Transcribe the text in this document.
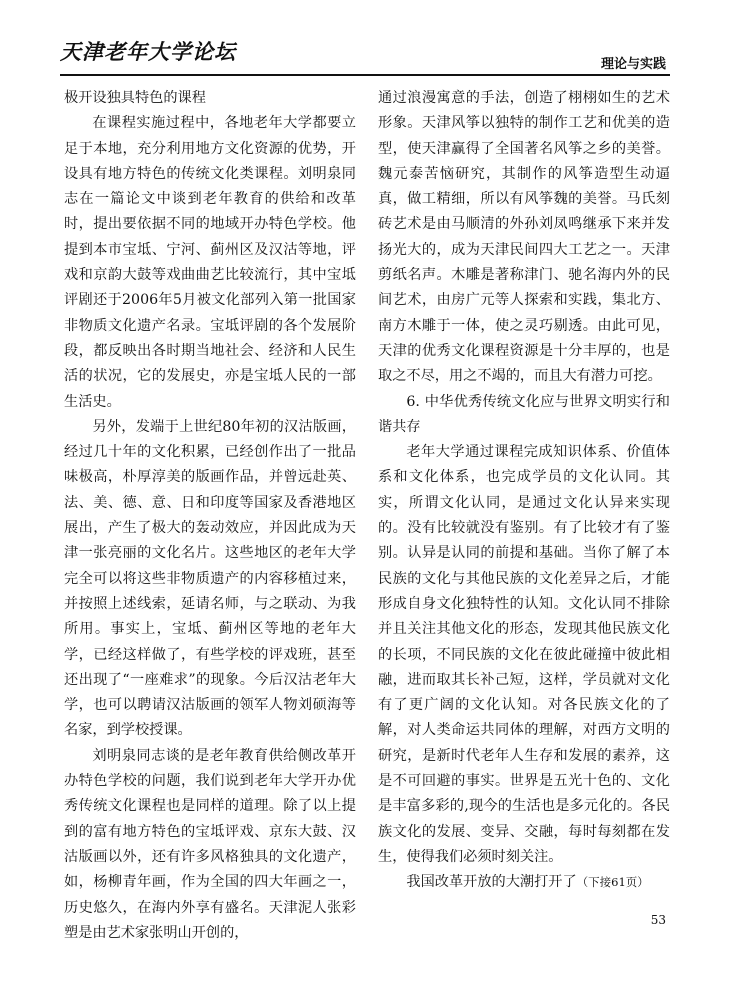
天津老年大学论坛
理论与实践

极开设独具特色的课程

在课程实施过程中，各地老年大学都要立足于本地，充分利用地方文化资源的优势，开设具有地方特色的传统文化类课程。刘明泉同志在一篇论文中谈到老年教育的供给和改革时，提出要依据不同的地域开办特色学校。他提到本市宝坻、宁河、蓟州区及汉沽等地，评戏和京韵大鼓等戏曲曲艺比较流行，其中宝坻评剧还于2006年5月被文化部列入第一批国家非物质文化遗产名录。宝坻评剧的各个发展阶段，都反映出各时期当地社会、经济和人民生活的状况，它的发展史，亦是宝坻人民的一部生活史。

另外，发端于上世纪80年初的汉沽版画，经过几十年的文化积累，已经创作出了一批品味极高，朴厚淳美的版画作品，并曾远赴英、法、美、德、意、日和印度等国家及香港地区展出，产生了极大的轰动效应，并因此成为天津一张亮丽的文化名片。这些地区的老年大学完全可以将这些非物质遗产的内容移植过来，并按照上述线索，延请名师，与之联动、为我所用。事实上，宝坻、蓟州区等地的老年大学，已经这样做了，有些学校的评戏班，甚至还出现了“一座难求”的现象。今后汉沽老年大学，也可以聘请汉沽版画的领军人物刘硕海等名家，到学校授课。

刘明泉同志谈的是老年教育供给侧改革开办特色学校的问题，我们说到老年大学开办优秀传统文化课程也是同样的道理。除了以上提到的富有地方特色的宝坻评戏、京东大鼓、汉沽版画以外，还有许多风格独具的文化遗产，如，杨柳青年画，作为全国的四大年画之一，历史悠久，在海内外享有盛名。天津泥人张彩塑是由艺术家张明山开创的，

通过浪漫寓意的手法，创造了栩栩如生的艺术形象。天津风筝以独特的制作工艺和优美的造型，使天津赢得了全国著名风筝之乡的美誉。魏元泰苦恼研究，其制作的风筝造型生动逼真，做工精细，所以有风筝魏的美誉。马氏刻砖艺术是由马顺清的外孙刘凤鸣继承下来并发扬光大的，成为天津民间四大工艺之一。天津剪纸名声。木雕是著称津门、驰名海内外的民间艺术，由房广元等人探索和实践，集北方、南方木雕于一体，使之灵巧剔透。由此可见，天津的优秀文化课程资源是十分丰厚的，也是取之不尽，用之不竭的，而且大有潜力可挖。

6. 中华优秀传统文化应与世界文明实行和谐共存

老年大学通过课程完成知识体系、价值体系和文化体系，也完成学员的文化认同。其实，所谓文化认同，是通过文化认异来实现的。没有比较就没有鉴别。有了比较才有了鉴别。认异是认同的前提和基础。当你了解了本民族的文化与其他民族的文化差异之后，才能形成自身文化独特性的认知。文化认同不排除并且关注其他文化的形态，发现其他民族文化的长项，不同民族的文化在彼此碰撞中彼此相融，进而取其长补己短，这样，学员就对文化有了更广阔的文化认知。对各民族文化的了解，对人类命运共同体的理解，对西方文明的研究，是新时代老年人生存和发展的素养，这是不可回避的事实。世界是五光十色的、文化是丰富多彩的,现今的生活也是多元化的。各民族文化的发展、变异、交融，每时每刻都在发生，使得我们必须时刻关注。

我国改革开放的大潮打开了（下接61页）

53
